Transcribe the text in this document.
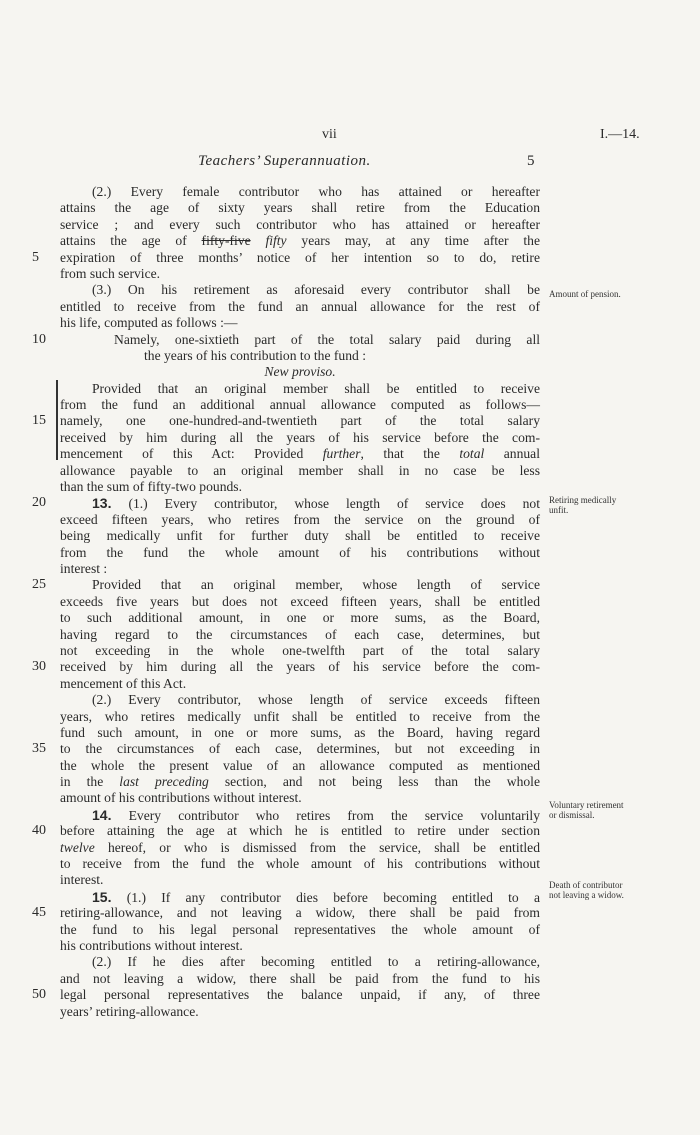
vii	I.—14.
Teachers’ Superannuation.	5
(2.) Every female contributor who has attained or hereafter
attains the age of sixty years shall retire from the Education
service ; and every such contributor who has attained or hereafter
attains the age of fifty-five fifty years may, at any time after the
5	expiration of three months’ notice of her intention so to do, retire
from such service.
(3.) On his retirement as aforesaid every contributor shall be
entitled to receive from the fund an annual allowance for the rest of
his life, computed as follows :—
10	Namely, one-sixtieth part of the total salary paid during all
the years of his contribution to the fund :
New proviso.
Provided that an original member shall be entitled to receive
from the fund an additional annual allowance computed as follows—
15	namely, one one-hundred-and-twentieth part of the total salary
received by him during all the years of his service before the com-
mencement of this Act: Provided further, that the total annual
allowance payable to an original member shall in no case be less
than the sum of fifty-two pounds.
20	13. (1.) Every contributor, whose length of service does not
exceed fifteen years, who retires from the service on the ground of
being medically unfit for further duty shall be entitled to receive
from the fund the whole amount of his contributions without
interest :
25	Provided that an original member, whose length of service
exceeds five years but does not exceed fifteen years, shall be entitled
to such additional amount, in one or more sums, as the Board,
having regard to the circumstances of each case, determines, but
not exceeding in the whole one-twelfth part of the total salary
30	received by him during all the years of his service before the com-
mencement of this Act.
(2.) Every contributor, whose length of service exceeds fifteen
years, who retires medically unfit shall be entitled to receive from the
fund such amount, in one or more sums, as the Board, having regard
35	to the circumstances of each case, determines, but not exceeding in
the whole the present value of an allowance computed as mentioned
in the last preceding section, and not being less than the whole
amount of his contributions without interest.
14. Every contributor who retires from the service voluntarily
40	before attaining the age at which he is entitled to retire under section
twelve hereof, or who is dismissed from the service, shall be entitled
to receive from the fund the whole amount of his contributions without
interest.
15. (1.) If any contributor dies before becoming entitled to a
45	retiring-allowance, and not leaving a widow, there shall be paid from
the fund to his legal personal representatives the whole amount of
his contributions without interest.
(2.) If he dies after becoming entitled to a retiring-allowance,
and not leaving a widow, there shall be paid from the fund to his
50	legal personal representatives the balance unpaid, if any, of three
years’ retiring-allowance.
Amount of pension.
Retiring medically unfit.
Voluntary retirement or dismissal.
Death of contributor not leaving a widow.
